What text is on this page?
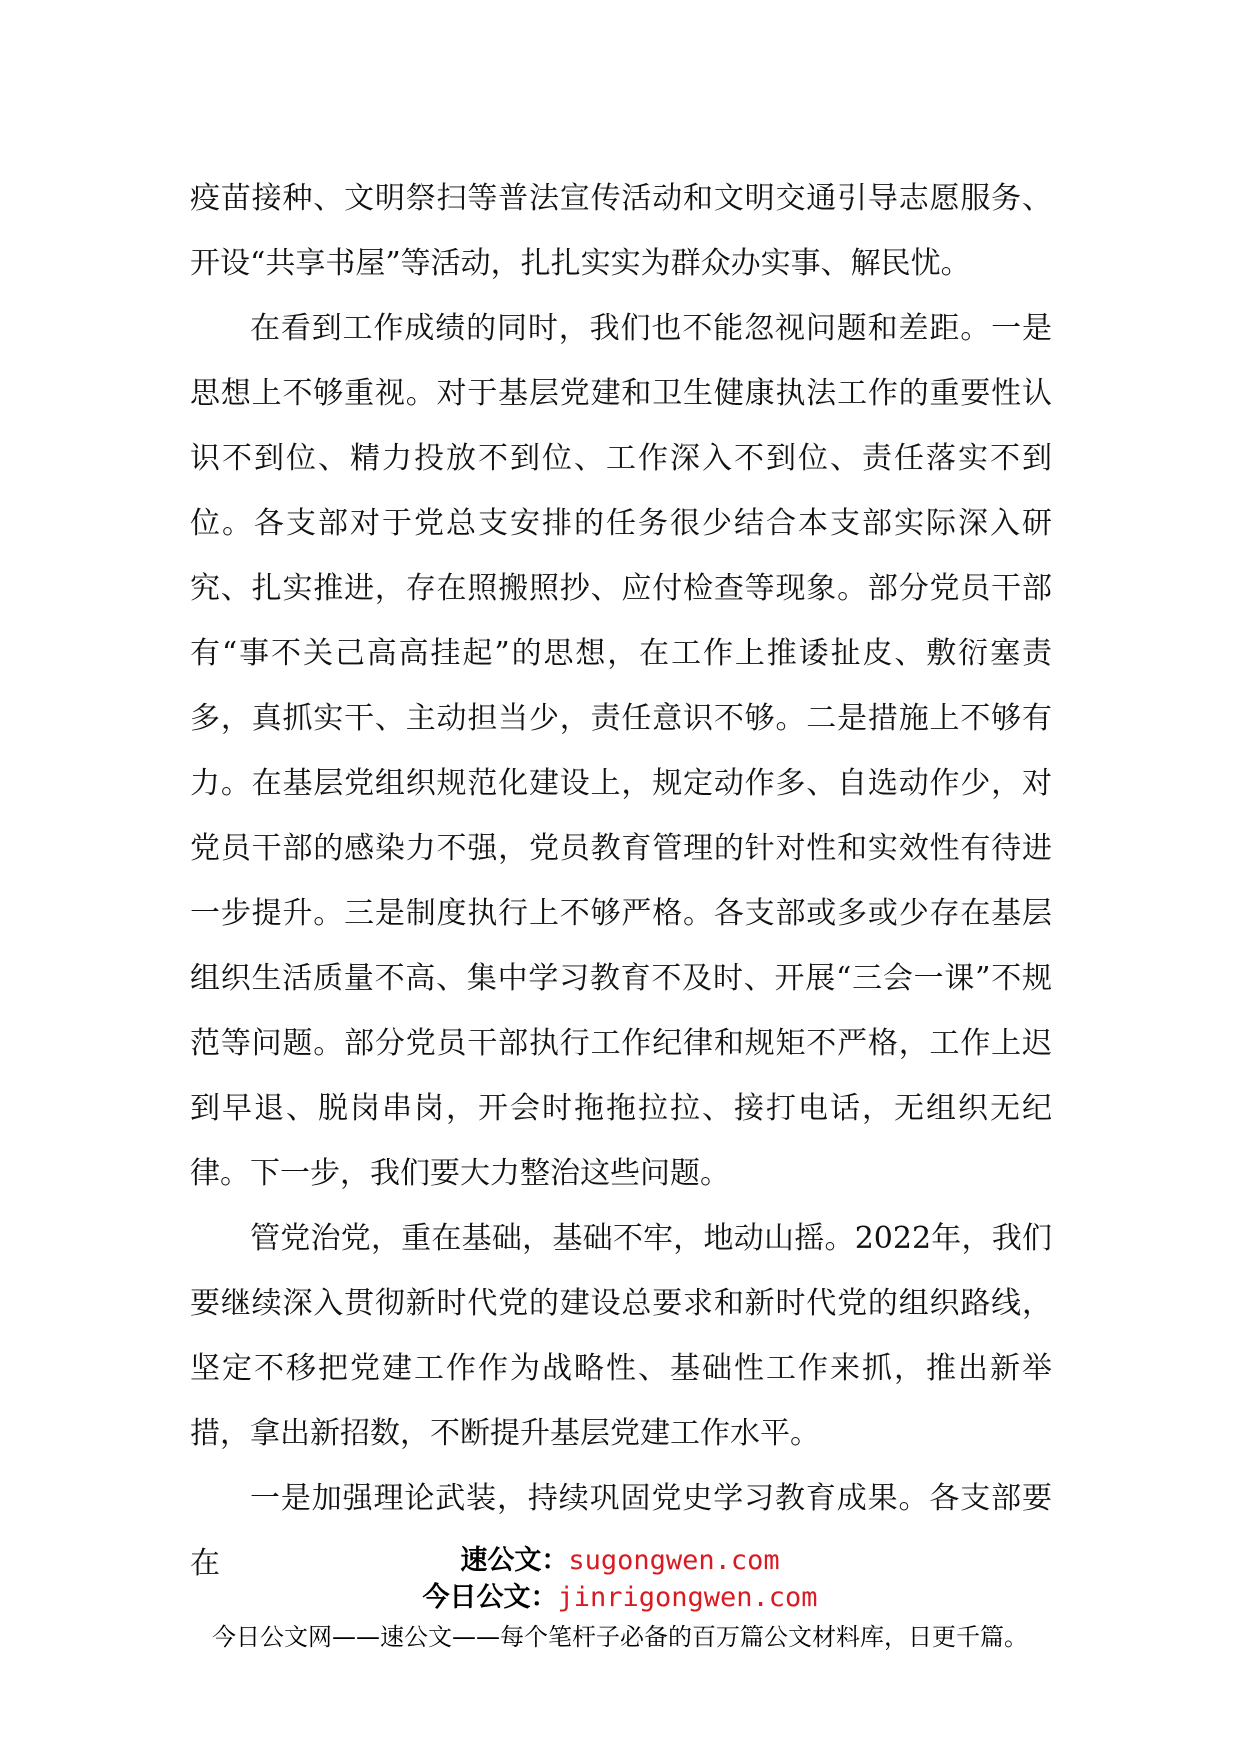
疫苗接种、文明祭扫等普法宣传活动和文明交通引导志愿服务、开设“共享书屋”等活动，扎扎实实为群众办实事、解民忧。

在看到工作成绩的同时，我们也不能忽视问题和差距。一是思想上不够重视。对于基层党建和卫生健康执法工作的重要性认识不到位、精力投放不到位、工作深入不到位、责任落实不到位。各支部对于党总支安排的任务很少结合本支部实际深入研究、扎实推进，存在照搬照抄、应付检查等现象。部分党员干部有“事不关己高高挂起”的思想，在工作上推诿扯皮、敷衍塞责多，真抓实干、主动担当少，责任意识不够。二是措施上不够有力。在基层党组织规范化建设上，规定动作多、自选动作少，对党员干部的感染力不强，党员教育管理的针对性和实效性有待进一步提升。三是制度执行上不够严格。各支部或多或少存在基层组织生活质量不高、集中学习教育不及时、开展“三会一课”不规范等问题。部分党员干部执行工作纪律和规矩不严格，工作上迟到早退、脱岗串岗，开会时拖拖拉拉、接打电话，无组织无纪律。下一步，我们要大力整治这些问题。

管党治党，重在基础，基础不牢，地动山摇。2022年，我们要继续深入贯彻新时代党的建设总要求和新时代党的组织路线，坚定不移把党建工作作为战略性、基础性工作来抓，推出新举措，拿出新招数，不断提升基层党建工作水平。

一是加强理论武装，持续巩固党史学习教育成果。各支部要在	速公文：sugongwen.com
今日公文：jinrigongwen.com
今日公文网——速公文——每个笔杆子必备的百万篇公文材料库，日更千篇。
